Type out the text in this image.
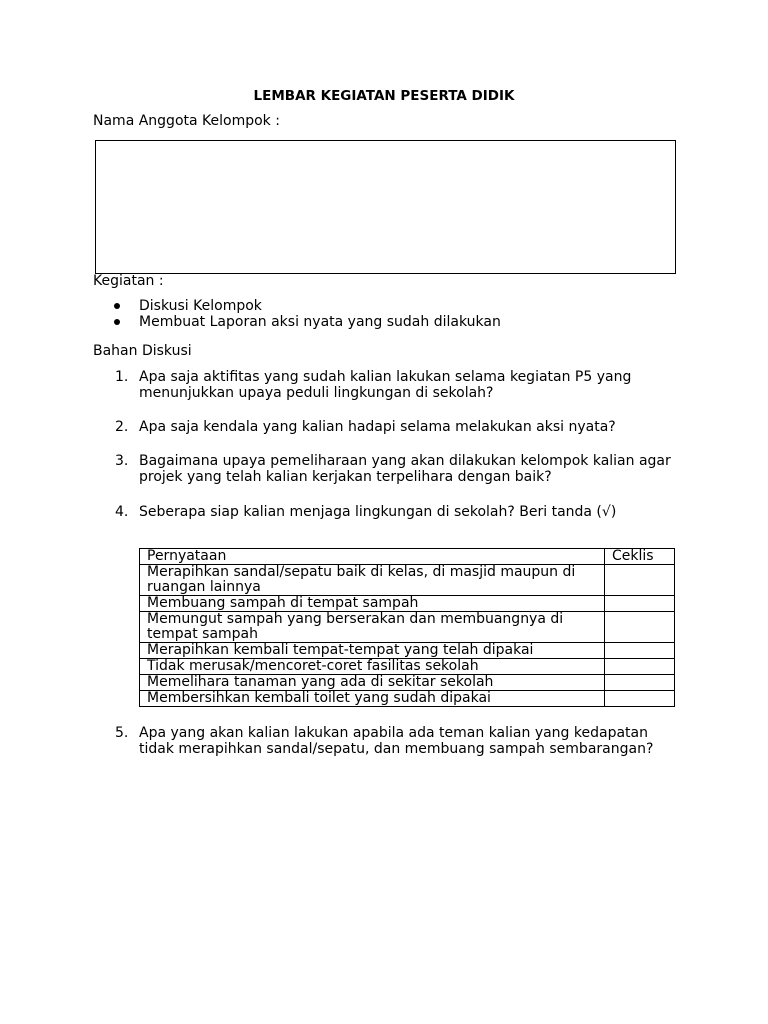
LEMBAR KEGIATAN PESERTA DIDIK
Nama Anggota Kelompok :
Kegiatan :
Diskusi Kelompok
Membuat Laporan aksi nyata yang sudah dilakukan
Bahan Diskusi
1. Apa saja aktifitas yang sudah kalian lakukan selama kegiatan P5 yang menunjukkan upaya peduli lingkungan di sekolah?
2. Apa saja kendala yang kalian hadapi selama melakukan aksi nyata?
3. Bagaimana upaya pemeliharaan yang akan dilakukan kelompok kalian agar projek yang telah kalian kerjakan terpelihara dengan baik?
4. Seberapa siap kalian menjaga lingkungan di sekolah? Beri tanda (√)
Pernyataan	Ceklis
Merapihkan sandal/sepatu baik di kelas, di masjid maupun di ruangan lainnya	
Membuang sampah di tempat sampah	
Memungut sampah yang berserakan dan membuangnya di tempat sampah	
Merapihkan kembali tempat-tempat yang telah dipakai	
Tidak merusak/mencoret-coret fasilitas sekolah	
Memelihara tanaman yang ada di sekitar sekolah	
Membersihkan kembali toilet yang sudah dipakai	
5. Apa yang akan kalian lakukan apabila ada teman kalian yang kedapatan tidak merapihkan sandal/sepatu, dan membuang sampah sembarangan?
